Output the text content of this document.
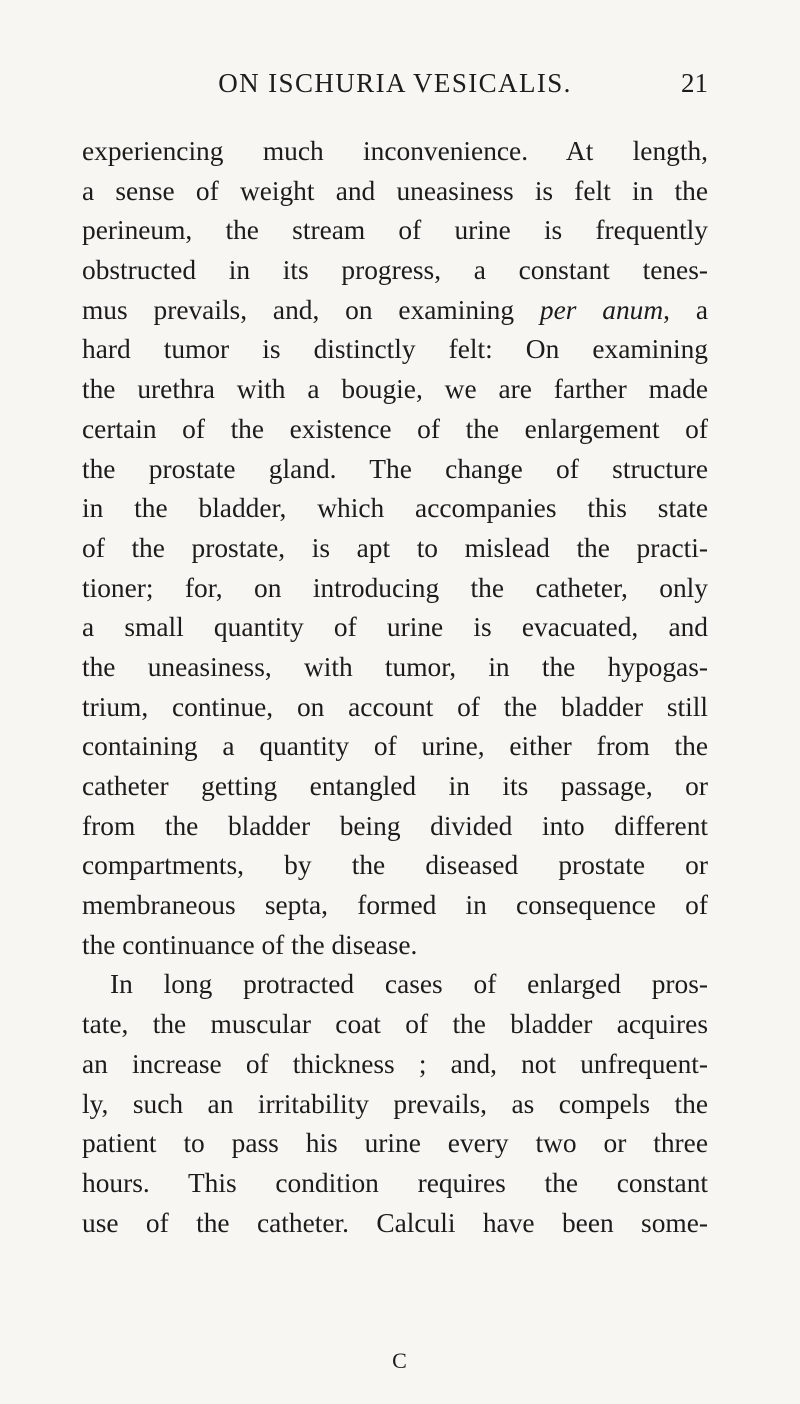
ON ISCHURIA VESICALIS.	21
experiencing much inconvenience. At length,
a sense of weight and uneasiness is felt in the
perineum, the stream of urine is frequently
obstructed in its progress, a constant tenes-
mus prevails, and, on examining per anum, a
hard tumor is distinctly felt: On examining
the urethra with a bougie, we are farther made
certain of the existence of the enlargement of
the prostate gland. The change of structure
in the bladder, which accompanies this state
of the prostate, is apt to mislead the practi-
tioner; for, on introducing the catheter, only
a small quantity of urine is evacuated, and
the uneasiness, with tumor, in the hypogas-
trium, continue, on account of the bladder still
containing a quantity of urine, either from the
catheter getting entangled in its passage, or
from the bladder being divided into different
compartments, by the diseased prostate or
membraneous septa, formed in consequence of
the continuance of the disease.
In long protracted cases of enlarged pros-
tate, the muscular coat of the bladder acquires
an increase of thickness ; and, not unfrequent-
ly, such an irritability prevails, as compels the
patient to pass his urine every two or three
hours. This condition requires the constant
use of the catheter. Calculi have been some-
C
